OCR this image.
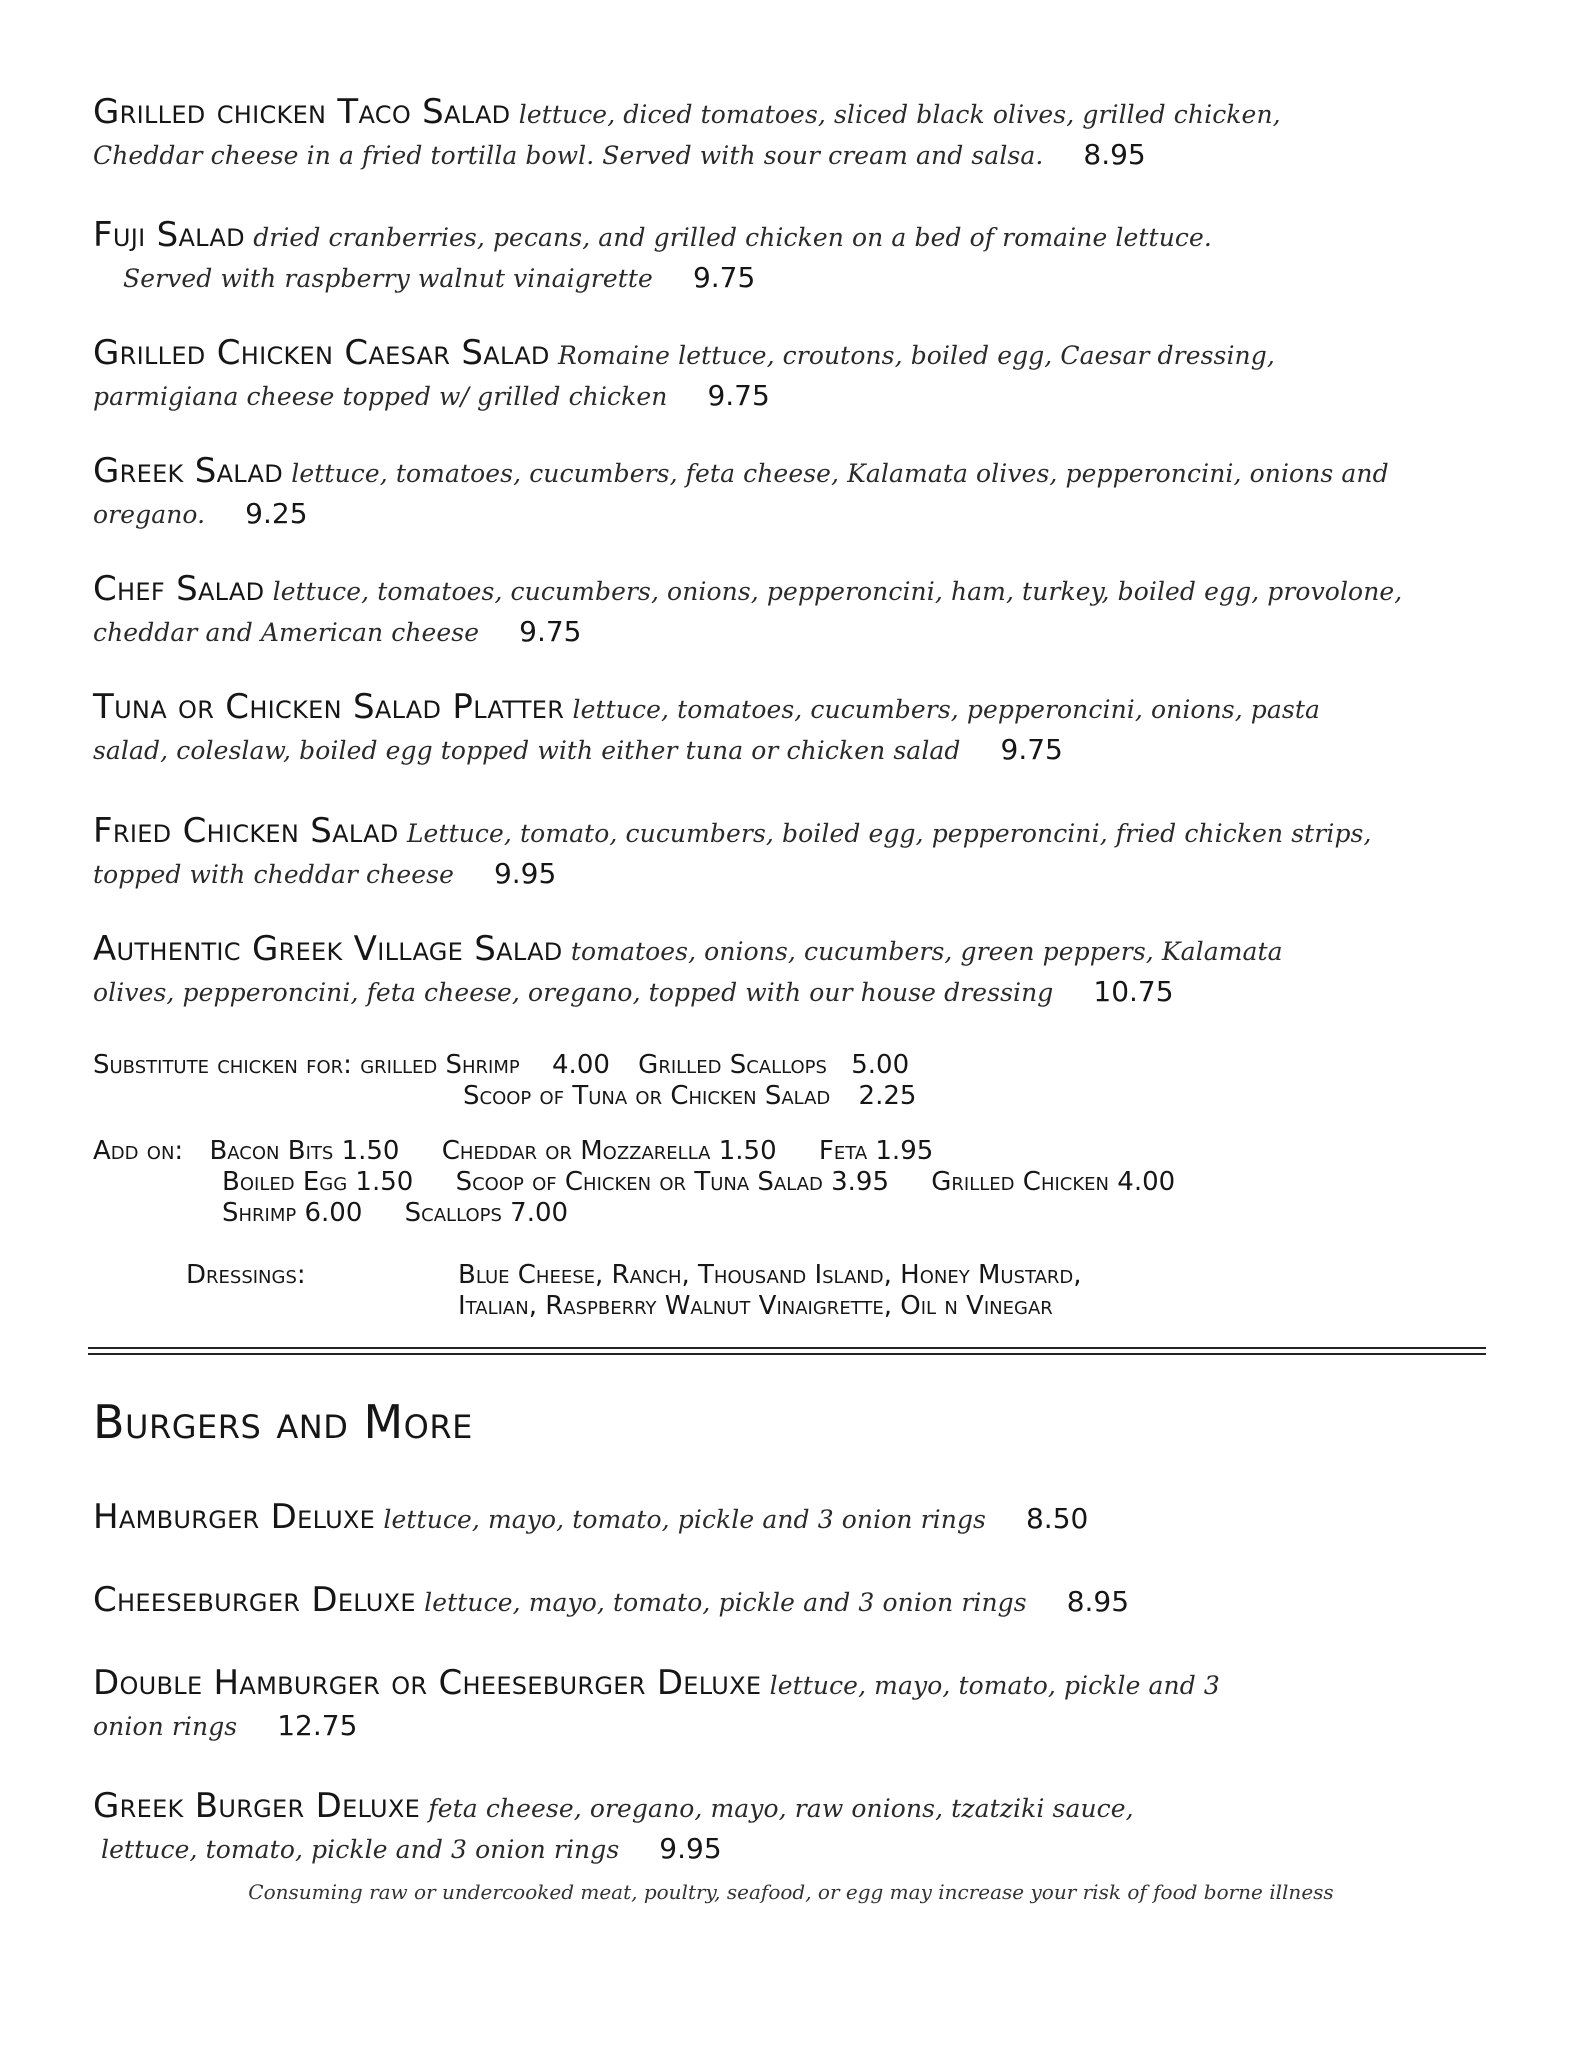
Grilled chicken Taco Salad lettuce, diced tomatoes, sliced black olives, grilled chicken,
Cheddar cheese in a fried tortilla bowl. Served with sour cream and salsa. 8.95
Fuji Salad dried cranberries, pecans, and grilled chicken on a bed of romaine lettuce.
Served with raspberry walnut vinaigrette 9.75
Grilled Chicken Caesar Salad Romaine lettuce, croutons, boiled egg, Caesar dressing,
parmigiana cheese topped w/ grilled chicken 9.75
Greek Salad lettuce, tomatoes, cucumbers, feta cheese, Kalamata olives, pepperoncini, onions and
oregano. 9.25
Chef Salad lettuce, tomatoes, cucumbers, onions, pepperoncini, ham, turkey, boiled egg, provolone,
cheddar and American cheese 9.75
Tuna or Chicken Salad Platter lettuce, tomatoes, cucumbers, pepperoncini, onions, pasta
salad, coleslaw, boiled egg topped with either tuna or chicken salad 9.75
Fried Chicken Salad Lettuce, tomato, cucumbers, boiled egg, pepperoncini, fried chicken strips,
topped with cheddar cheese 9.95
Authentic Greek Village Salad tomatoes, onions, cucumbers, green peppers, Kalamata
olives, pepperoncini, feta cheese, oregano, topped with our house dressing 10.75
Substitute chicken for: grilled Shrimp 4.00 Grilled Scallops 5.00
Scoop of Tuna or Chicken Salad 2.25
Add on: Bacon Bits 1.50 Cheddar or Mozzarella 1.50 Feta 1.95
Boiled Egg 1.50 Scoop of Chicken or Tuna Salad 3.95 Grilled Chicken 4.00
Shrimp 6.00 Scallops 7.00
Dressings:	Blue Cheese, Ranch, Thousand Island, Honey Mustard,
Italian, Raspberry Walnut Vinaigrette, Oil n Vinegar
Burgers and More
Hamburger Deluxe lettuce, mayo, tomato, pickle and 3 onion rings 8.50
Cheeseburger Deluxe lettuce, mayo, tomato, pickle and 3 onion rings 8.95
Double Hamburger or Cheeseburger Deluxe lettuce, mayo, tomato, pickle and 3
onion rings 12.75
Greek Burger Deluxe feta cheese, oregano, mayo, raw onions, tzatziki sauce,
lettuce, tomato, pickle and 3 onion rings 9.95
Consuming raw or undercooked meat, poultry, seafood, or egg may increase your risk of food borne illness
